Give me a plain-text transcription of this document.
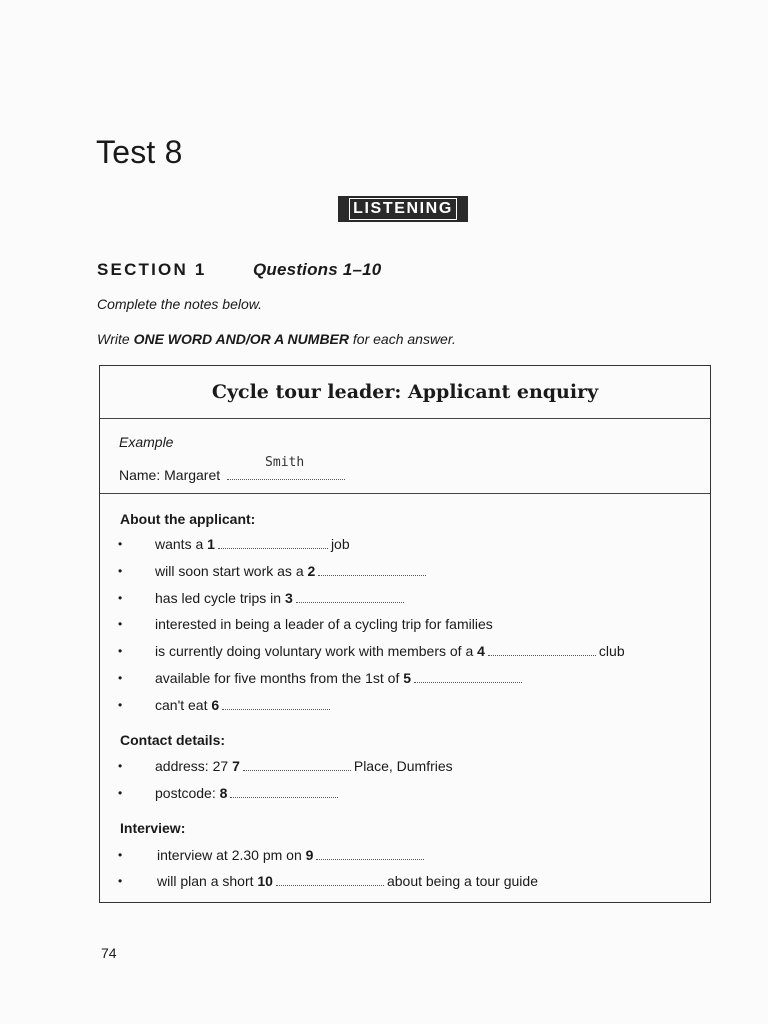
Test 8
LISTENING
SECTION 1	Questions 1–10
Complete the notes below.
Write ONE WORD AND/OR A NUMBER for each answer.
Cycle tour leader: Applicant enquiry
Example
Name: Margaret
Smith
About the applicant:
• wants a 1	job
• will soon start work as a 2
• has led cycle trips in 3
• interested in being a leader of a cycling trip for families
• is currently doing voluntary work with members of a 4	club
• available for five months from the 1st of 5
• can't eat 6
Contact details:
• address: 27 7	Place, Dumfries
• postcode: 8
Interview:
• interview at 2.30 pm on 9
• will plan a short 10	about being a tour guide
74
